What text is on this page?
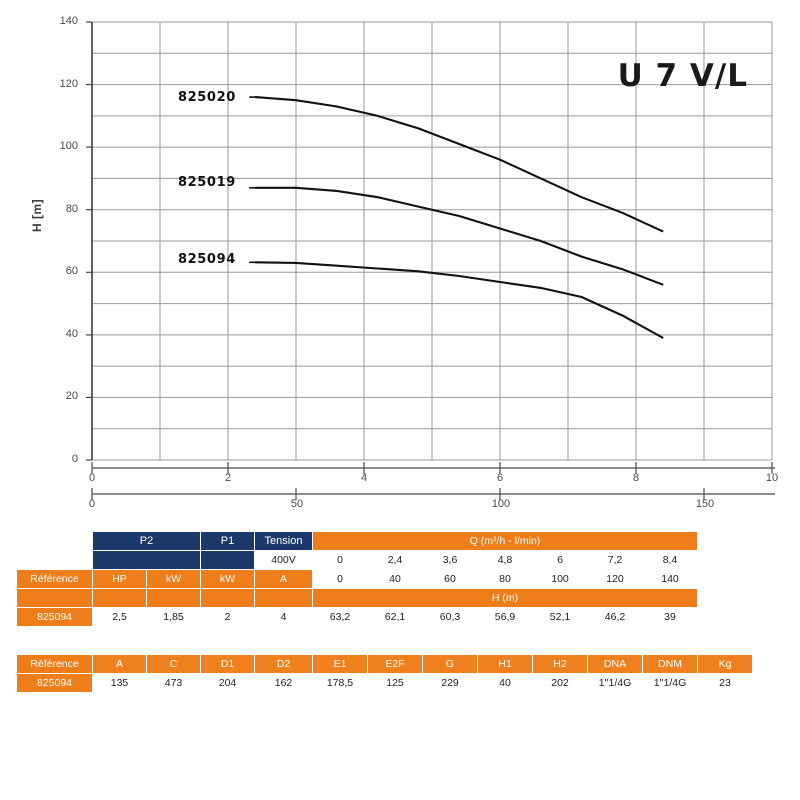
H [m]
U 7 V/L
825020
825019
825094
140
120
100
80
60
40
20
0
0	2	4	6	8	10
0	50	100	150
	P2		P1	Tension	Q (m³/h - l/min)						
				400V	0	2,4	3,6	4,8	6	7,2	8,4
Référence	HP	kW	kW	A	0	40	60	80	100	120	140
					H (m)						
825094	2,5	1,85	2	4	63,2	62,1	60,3	56,9	52,1	46,2	39
Référence	A	C	D1	D2	E1	E2F	G	H1	H2	DNA	DNM	Kg
825094	135	473	204	162	178,5	125	229	40	202	1''1/4G	1''1/4G	23
